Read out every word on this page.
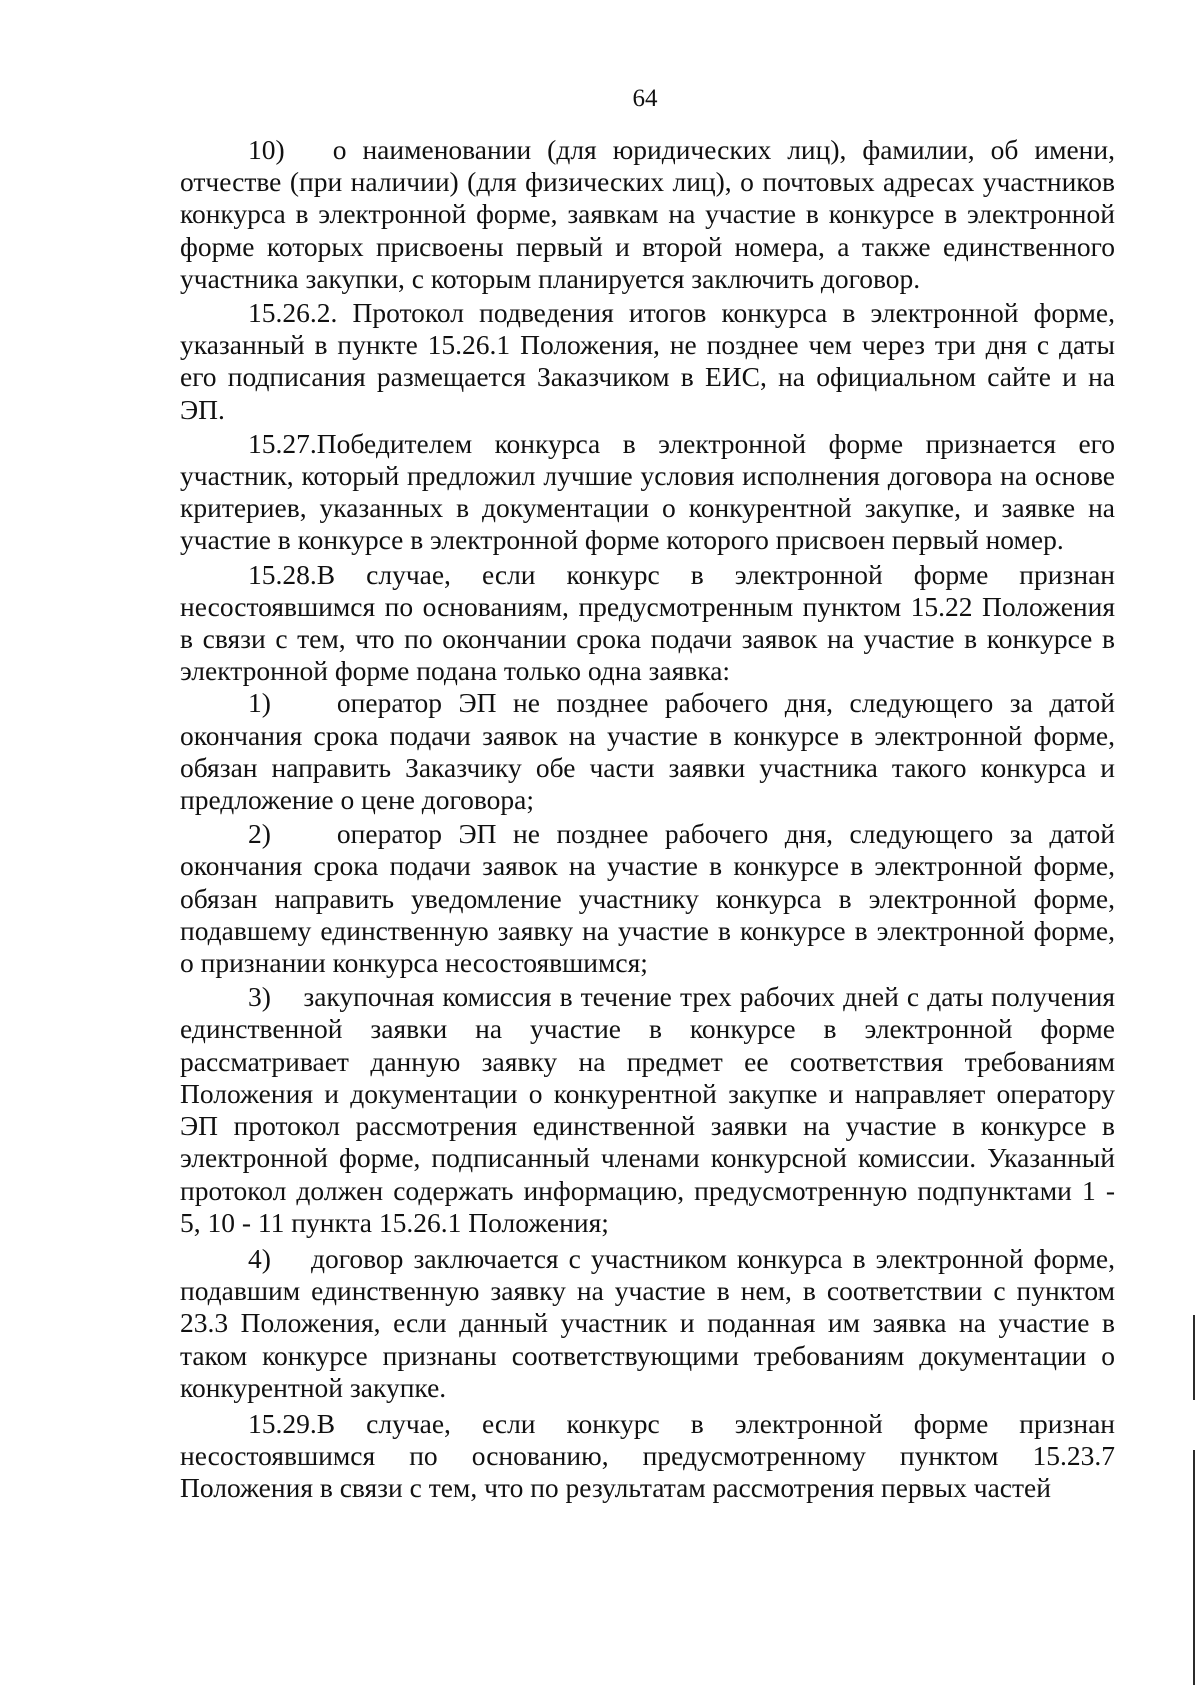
64

10)   о наименовании (для юридических лиц), фамилии, об имени, отчестве (при наличии) (для физических лиц), о почтовых адресах участников конкурса в электронной форме, заявкам на участие в конкурсе в электронной форме которых присвоены первый и второй номера, а также единственного участника закупки, с которым планируется заключить договор.

15.26.2. Протокол подведения итогов конкурса в электронной форме, указанный в пункте 15.26.1 Положения, не позднее чем через три дня с даты его подписания размещается Заказчиком в ЕИС, на официальном сайте и на ЭП.

15.27.Победителем конкурса в электронной форме признается его участник, который предложил лучшие условия исполнения договора на основе критериев, указанных в документации о конкурентной закупке, и заявке на участие в конкурсе в электронной форме которого присвоен первый номер.

15.28.В случае, если конкурс в электронной форме признан несостоявшимся по основаниям, предусмотренным пунктом 15.22 Положения в связи с тем, что по окончании срока подачи заявок на участие в конкурсе в электронной форме подана только одна заявка:

1)    оператор ЭП не позднее рабочего дня, следующего за датой окончания срока подачи заявок на участие в конкурсе в электронной форме, обязан направить Заказчику обе части заявки участника такого конкурса и предложение о цене договора;

2)    оператор ЭП не позднее рабочего дня, следующего за датой окончания срока подачи заявок на участие в конкурсе в электронной форме, обязан направить уведомление участнику конкурса в электронной форме, подавшему единственную заявку на участие в конкурсе в электронной форме, о признании конкурса несостоявшимся;

3)    закупочная комиссия в течение трех рабочих дней с даты получения единственной заявки на участие в конкурсе в электронной форме рассматривает данную заявку на предмет ее соответствия требованиям Положения и документации о конкурентной закупке и направляет оператору ЭП протокол рассмотрения единственной заявки на участие в конкурсе в электронной форме, подписанный членами конкурсной комиссии. Указанный протокол должен содержать информацию, предусмотренную подпунктами 1 - 5, 10 - 11 пункта 15.26.1 Положения;

4)    договор заключается с участником конкурса в электронной форме, подавшим единственную заявку на участие в нем, в соответствии с пунктом 23.3 Положения, если данный участник и поданная им заявка на участие в таком конкурсе признаны соответствующими требованиям документации о конкурентной закупке.

15.29.В случае, если конкурс в электронной форме признан несостоявшимся по основанию, предусмотренному пунктом 15.23.7 Положения в связи с тем, что по результатам рассмотрения первых частей
